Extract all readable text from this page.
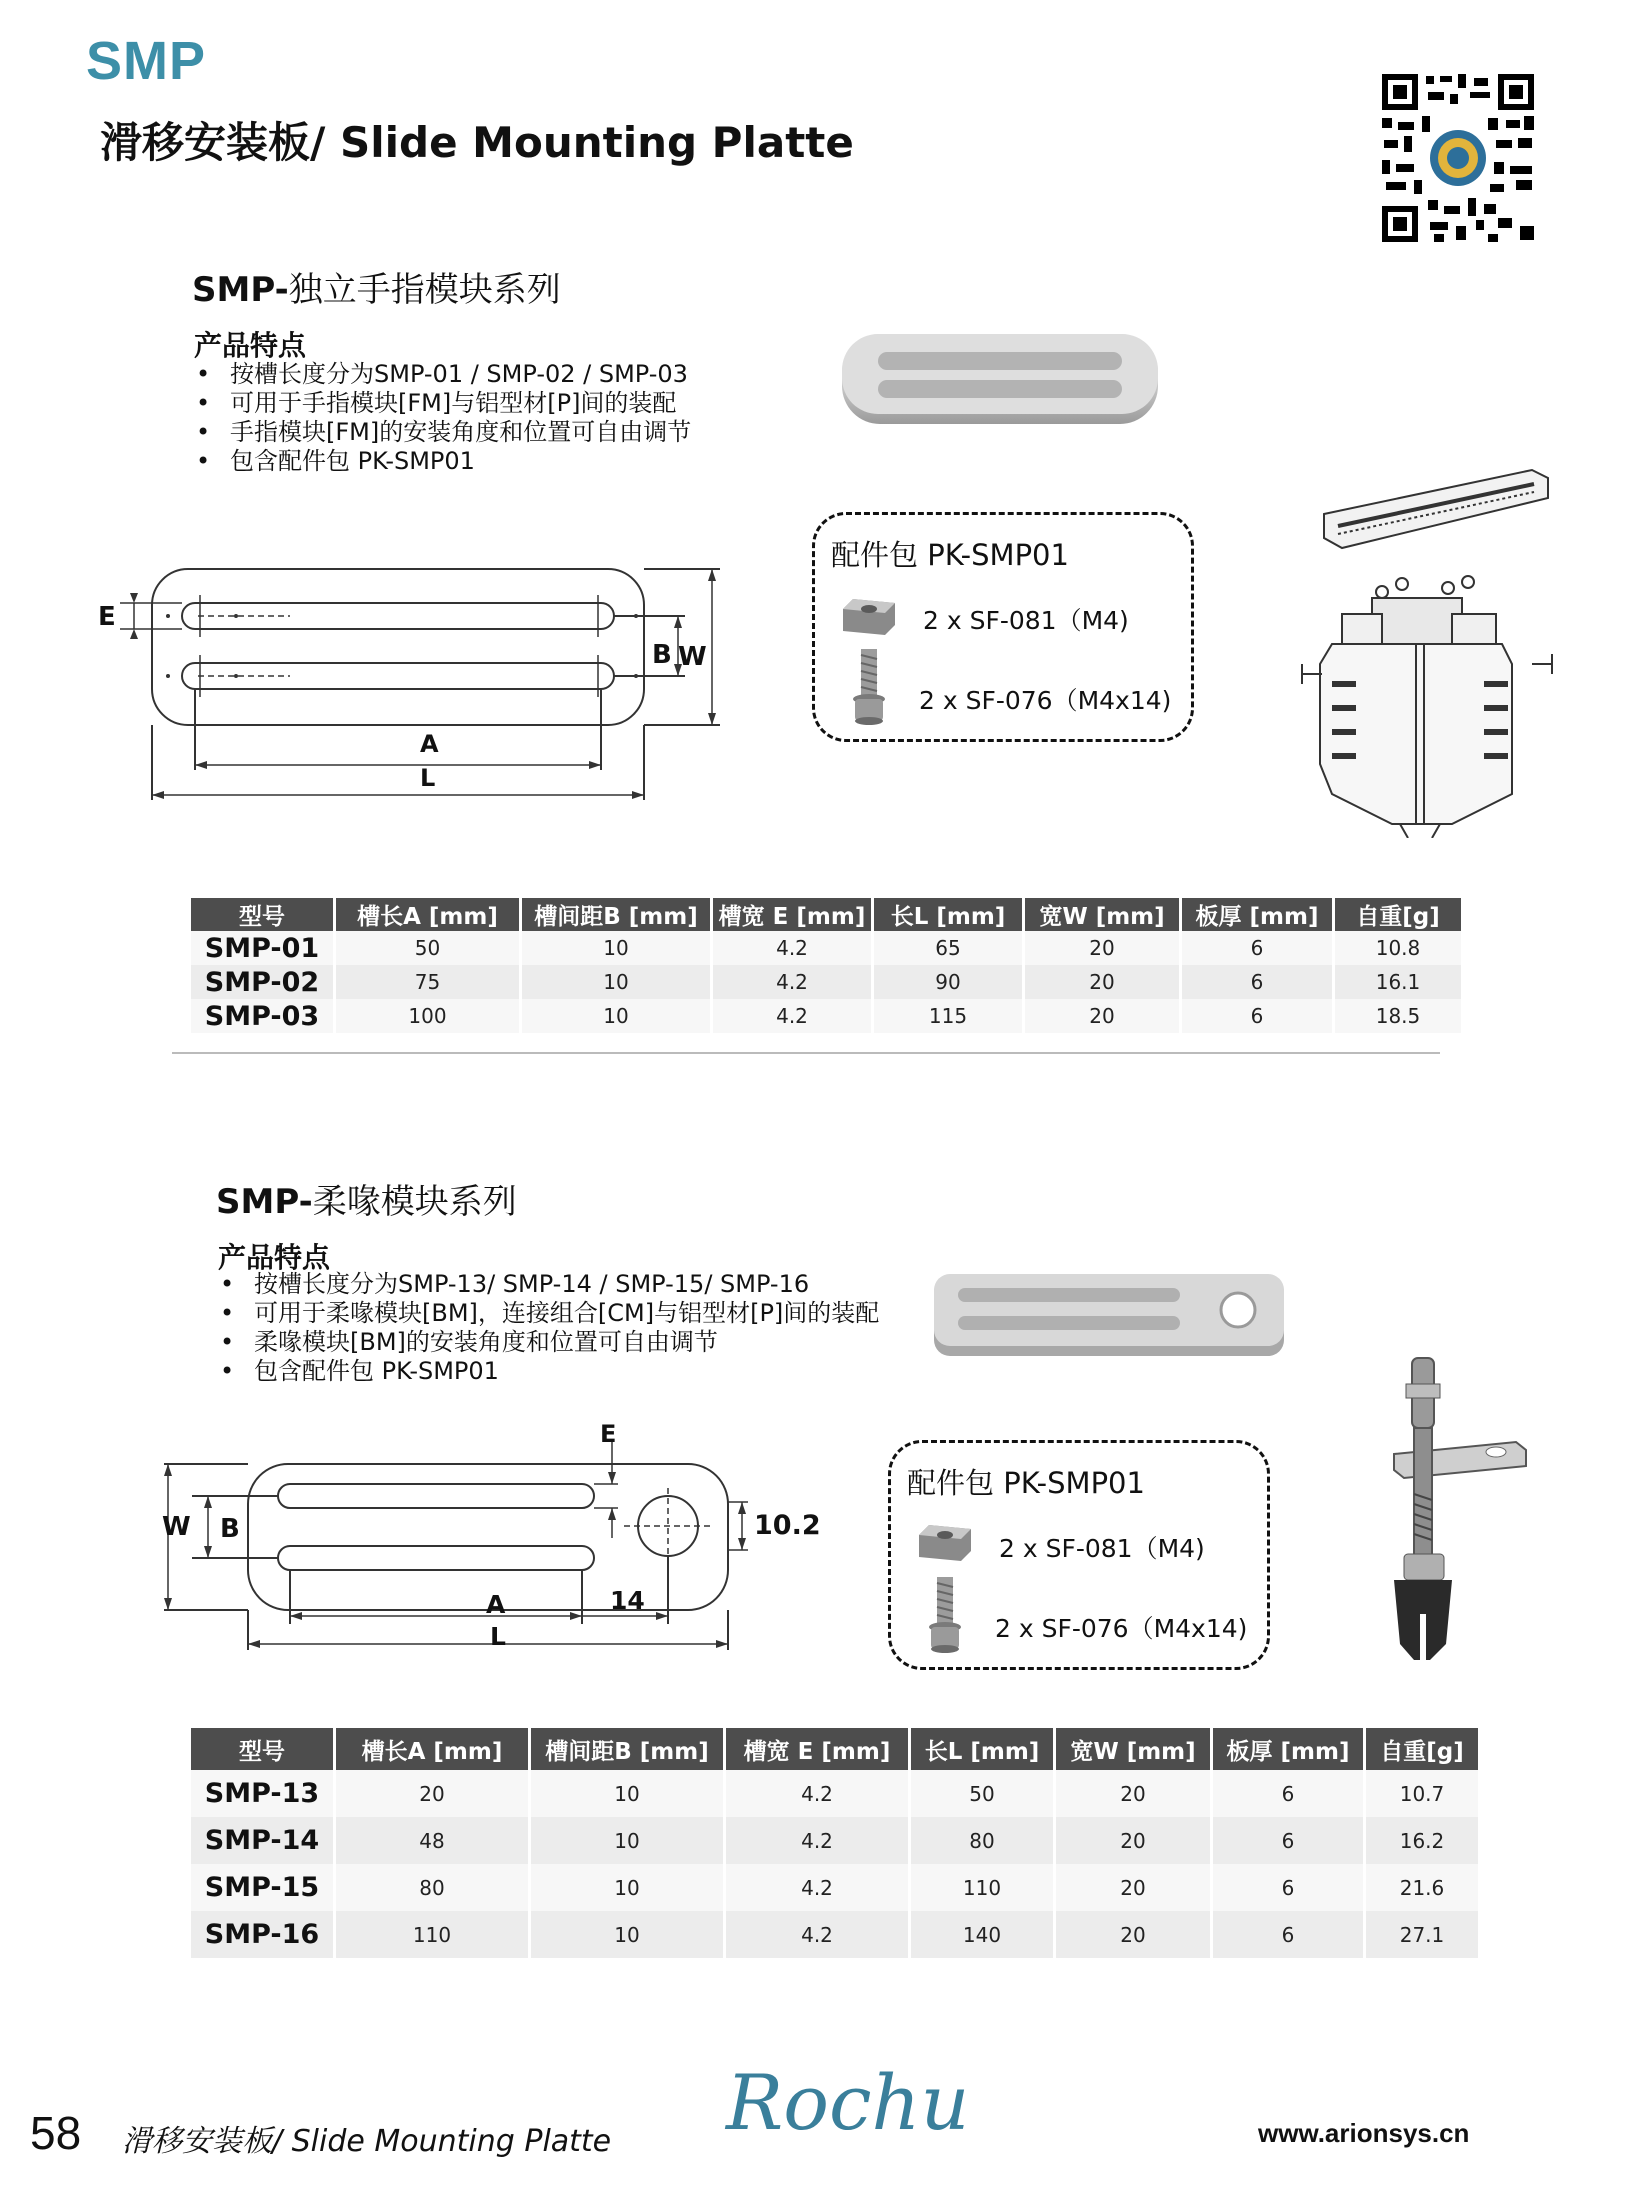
SMP
滑移安装板/ Slide Mounting Platte
SMP-独立手指模块系列
产品特点
• 按槽长度分为SMP-01 / SMP-02 / SMP-03
• 可用于手指模块[FM]与铝型材[P]间的装配
• 手指模块[FM]的安装角度和位置可自由调节
• 包含配件包 PK-SMP01
E
B W
A
L
配件包 PK-SMP01
2 x SF-081（M4)
2 x SF-076（M4x14)
型号	槽长A [mm]	槽间距B [mm]	槽宽 E [mm]	长L [mm]	宽W [mm]	板厚 [mm]	自重[g]
SMP-01	50	10	4.2	65	20	6	10.8
SMP-02	75	10	4.2	90	20	6	16.1
SMP-03	100	10	4.2	115	20	6	18.5
SMP-柔喙模块系列
产品特点
• 按槽长度分为SMP-13/ SMP-14 / SMP-15/ SMP-16
• 可用于柔喙模块[BM]，连接组合[CM]与铝型材[P]间的装配
• 柔喙模块[BM]的安装角度和位置可自由调节
• 包含配件包 PK-SMP01
E
W B	10.2
A	14
L
配件包 PK-SMP01
2 x SF-081（M4)
2 x SF-076（M4x14)
型号	槽长A [mm]	槽间距B [mm]	槽宽 E [mm]	长L [mm]	宽W [mm]	板厚 [mm]	自重[g]
SMP-13	20	10	4.2	50	20	6	10.7
SMP-14	48	10	4.2	80	20	6	16.2
SMP-15	80	10	4.2	110	20	6	21.6
SMP-16	110	10	4.2	140	20	6	27.1
58 滑移安装板/ Slide Mounting Platte Rochu	www.arionsys.cn
